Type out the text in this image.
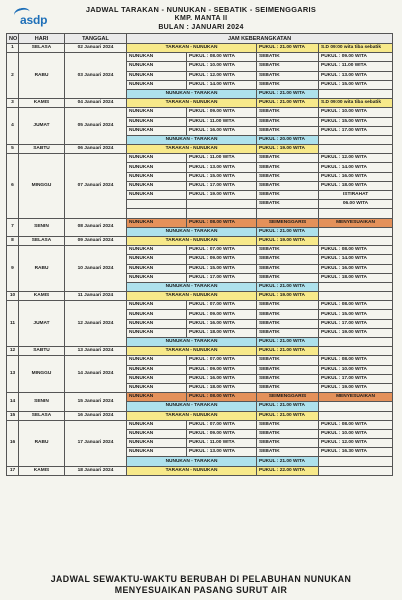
asdp
JADWAL TARAKAN - NUNUKAN - SEBATIK - SEIMENGGARIS
KMP. MANTA II
BULAN : JANUARI 2024
NO	HARI	TANGGAL	JAM KEBERANGKATAN			
1	SELASA	02 Januari 2024	TARAKAN - NUNUKAN		PUKUL : 21.00 WITA	S.D 09:00 wita tiba sebatik
2	RABU	03 Januari 2024	NUNUKAN	PUKUL : 08.00 WITA	SEBATIK	PUKUL : 09.00 WITA
			NUNUKAN	PUKUL : 10.00 WITA	SEBATIK	PUKUL : 11.00 WITA
			NUNUKAN	PUKUL : 12.00 WITA	SEBATIK	PUKUL : 13.00 WITA
			NUNUKAN	PUKUL : 14.00 WITA	SEBATIK	PUKUL : 15.00 WITA
			NUNUKAN - TARAKAN		PUKUL : 21.00 WITA	
3	KAMIS	04 Januari 2024	TARAKAN - NUNUKAN		PUKUL : 21.00 WITA	S.D 09:00 wita tiba sebatik
4	JUMAT	05 Januari 2024	NUNUKAN	PUKUL : 09.00 WITA	SEBATIK	PUKUL : 10.00 WITA
			NUNUKAN	PUKUL : 11.00 WITA	SEBATIK	PUKUL : 15.00 WITA
			NUNUKAN	PUKUL : 16.00 WITA	SEBATIK	PUKUL : 17.00 WITA
			NUNUKAN - TARAKAN		PUKUL : 20.00 WITA	
5	SABTU	06 Januari 2024	TARAKAN - NUNUKAN		PUKUL : 19.00 WITA	
6	MINGGU	07 Januari 2024	NUNUKAN	PUKUL : 11.00 WITA	SEBATIK	PUKUL : 12.00 WITA
			NUNUKAN	PUKUL : 13.00 WITA	SEBATIK	PUKUL : 14.00 WITA
			NUNUKAN	PUKUL : 15.00 WITA	SEBATIK	PUKUL : 16.00 WITA
			NUNUKAN	PUKUL : 17.00 WITA	SEBATIK	PUKUL : 18.00 WITA
			NUNUKAN	PUKUL : 19.00 WITA	SEBATIK	ISTIRAHAT
					SEBATIK	06.00 WITA

7	SENIN	08 Januari 2024	NUNUKAN	PUKUL : 08.00 WITA	SEIMENGGARIS	MENYESUAIKAN
			NUNUKAN - TARAKAN		PUKUL : 21.00 WITA	
8	SELASA	09 Januari 2024	TARAKAN - NUNUKAN		PUKUL : 19.00 WITA	
9	RABU	10 Januari 2024	NUNUKAN	PUKUL : 07.00 WITA	SEBATIK	PUKUL : 08.00 WITA
			NUNUKAN	PUKUL : 09.00 WITA	SEBATIK	PUKUL : 14.00 WITA
			NUNUKAN	PUKUL : 15.00 WITA	SEBATIK	PUKUL : 16.00 WITA
			NUNUKAN	PUKUL : 17.00 WITA	SEBATIK	PUKUL : 18.00 WITA
			NUNUKAN - TARAKAN		PUKUL : 21.00 WITA	
10	KAMIS	11 Januari 2024	TARAKAN - NUNUKAN		PUKUL : 19.00 WITA	
11	JUMAT	12 Januari 2024	NUNUKAN	PUKUL : 07.00 WITA	SEBATIK	PUKUL : 08.00 WITA
			NUNUKAN	PUKUL : 09.00 WITA	SEBATIK	PUKUL : 15.00 WITA
			NUNUKAN	PUKUL : 16.00 WITA	SEBATIK	PUKUL : 17.00 WITA
			NUNUKAN	PUKUL : 18.00 WITA	SEBATIK	PUKUL : 19.00 WITA
			NUNUKAN - TARAKAN		PUKUL : 21.00 WITA	
12	SABTU	13 Januari 2024	TARAKAN - NUNUKAN		PUKUL : 21.00 WITA	
13	MINGGU	14 Januari 2024	NUNUKAN	PUKUL : 07.00 WITA	SEBATIK	PUKUL : 08.00 WITA
			NUNUKAN	PUKUL : 09.00 WITA	SEBATIK	PUKUL : 10.00 WITA
			NUNUKAN	PUKUL : 16.00 WITA	SEBATIK	PUKUL : 17.00 WITA
			NUNUKAN	PUKUL : 18.00 WITA	SEBATIK	PUKUL : 19.00 WITA
14	SENIN	15 Januari 2024	NUNUKAN	PUKUL : 08.00 WITA	SEIMENGGARIS	MENYESUAIKAN
			NUNUKAN - TARAKAN		PUKUL : 21.00 WITA	
15	SELASA	16 Januari 2024	TARAKAN - NUNUKAN		PUKUL : 21.00 WITA	
16	RABU	17 Januari 2024	NUNUKAN	PUKUL : 07.00 WITA	SEBATIK	PUKUL : 08.00 WITA
			NUNUKAN	PUKUL : 09.00 WITA	SEBATIK	PUKUL : 10.00 WITA
			NUNUKAN	PUKUL : 11.00 WITA	SEBATIK	PUKUL : 12.00 WITA
			NUNUKAN	PUKUL : 13.00 WITA	SEBATIK	PUKUL : 16.30 WITA
			NUNUKAN - TARAKAN		PUKUL : 21.00 WITA	
17	KAMIS	18 Januari 2024	TARAKAN - NUNUKAN		PUKUL : 22.00 WITA	
JADWAL SEWAKTU-WAKTU BERUBAH DI PELABUHAN NUNUKAN
MENYESUAIKAN PASANG SURUT AIR
